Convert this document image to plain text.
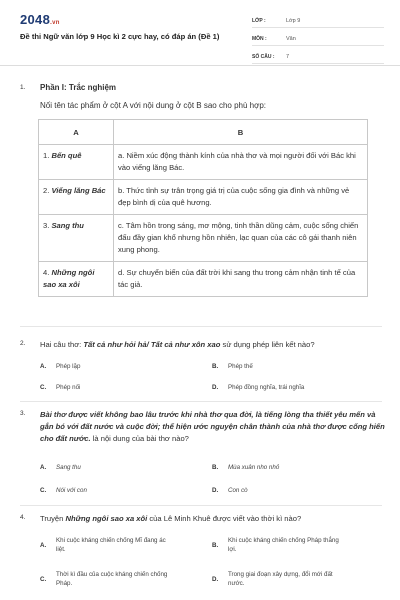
2048.vn
Đề thi Ngữ văn lớp 9 Học kì 2 cực hay, có đáp án (Đề 1)
LỚP :	Lớp 9
MÔN :	Văn
SỐ CÂU :	7
1. Phần I: Trắc nghiệm
Nối tên tác phẩm ở cột A với nội dung ở cột B sao cho phù hợp:
A	B
1. Bến quê	a. Niềm xúc động thành kính của nhà thơ và mọi người đối với Bác khi vào viếng lăng Bác.
2. Viếng lăng Bác	b. Thức tỉnh sự trân trọng giá trị của cuộc sống gia đình và những vẻ đẹp bình dị của quê hương.
3. Sang thu	c. Tâm hồn trong sáng, mơ mộng, tinh thần dũng cảm, cuộc sống chiến đấu đầy gian khổ nhưng hồn nhiên, lạc quan của các cô gái thanh niên xung phong.
4. Những ngôi sao xa xôi	d. Sự chuyển biến của đất trời khi sang thu trong cảm nhận tinh tế của tác giả.
2. Hai câu thơ: Tất cả như hỏi hả/ Tất cả như xôn xao sử dụng phép liên kết nào?
A. Phép lặp	B. Phép thế
C. Phép nối	D. Phép đồng nghĩa, trái nghĩa
3. Bài thơ được viết không bao lâu trước khi nhà thơ qua đời, là tiếng lòng tha thiết yêu mến và gắn bó với đất nước và cuộc đời; thể hiện ước nguyện chân thành của nhà thơ được cống hiến cho đất nước. là nội dung của bài thơ nào?
A. Sang thu	B. Mùa xuân nho nhỏ
C. Nói với con	D. Con cò
4. Truyện Những ngôi sao xa xôi của Lê Minh Khuê được viết vào thời kì nào?
A.
Khi cuộc kháng chiến chống Mĩ đang ác liệt.
B.
Khi cuộc kháng chiến chống Pháp thắng lợi.
C.
Thời kì đầu của cuộc kháng chiến chống Pháp.
D.
Trong giai đoạn xây dựng, đổi mới đất nước.
